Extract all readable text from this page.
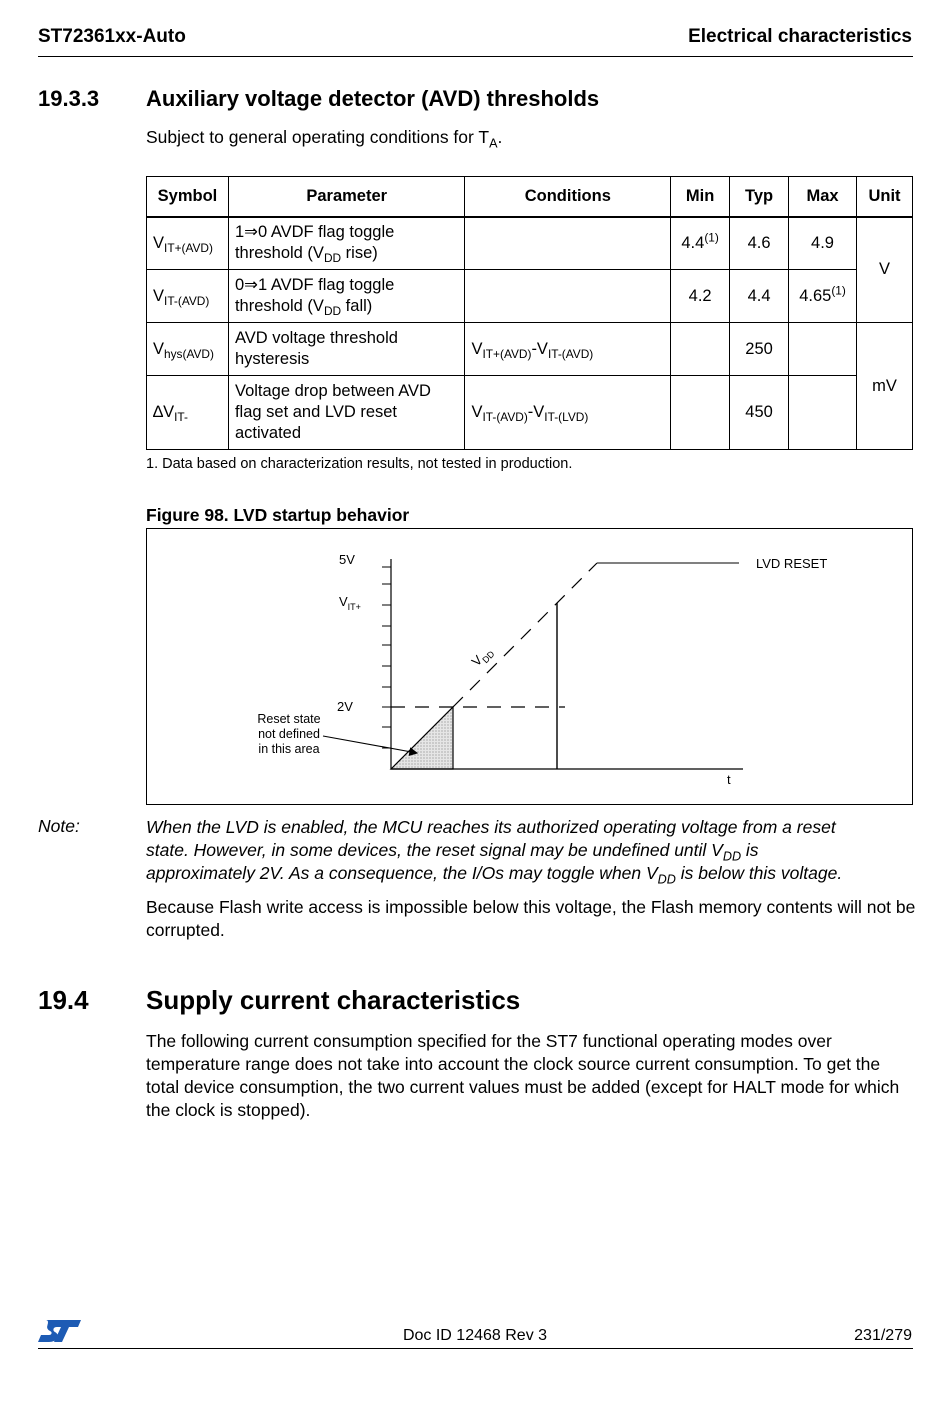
ST72361xx-Auto	Electrical characteristics
19.3.3 Auxiliary voltage detector (AVD) thresholds
Subject to general operating conditions for $T_A$.
Symbol	Parameter	Conditions	Min	Typ	Max	Unit
$V_{IT+(AVD)}$	1⇒0 AVDF flag toggle
threshold ($V_{DD}$ rise)		4.4$^{(1)}$	4.6	4.9	V
$V_{IT-(AVD)}$	0⇒1 AVDF flag toggle
threshold ($V_{DD}$ fall)		4.2	4.4	4.65$^{(1)}$
$V_{hys(AVD)}$	AVD voltage threshold
hysteresis	$V_{IT+(AVD)}-V_{IT-(AVD)}$		250		mV
$\Delta V_{IT-}$	Voltage drop between AVD
flag set and LVD reset
activated	$V_{IT-(AVD)}-V_{IT-(LVD)}$		450		
1. Data based on characterization results, not tested in production.
Figure 98. LVD startup behavior
5V
$V_{IT+}$
2V
$V_{DD}$
LVD RESET
t
Reset state
not defined
in this area
Note:	When the LVD is enabled, the MCU reaches its authorized operating voltage from a reset
state. However, in some devices, the reset signal may be undefined until $V_{DD}$ is
approximately 2V. As a consequence, the I/Os may toggle when $V_{DD}$ is below this voltage.
Because Flash write access is impossible below this voltage, the Flash memory contents will not be corrupted.
19.4 Supply current characteristics
The following current consumption specified for the ST7 functional operating modes over temperature range does not take into account the clock source current consumption. To get the total device consumption, the two current values must be added (except for HALT mode for which the clock is stopped).
Doc ID 12468 Rev 3	231/279
